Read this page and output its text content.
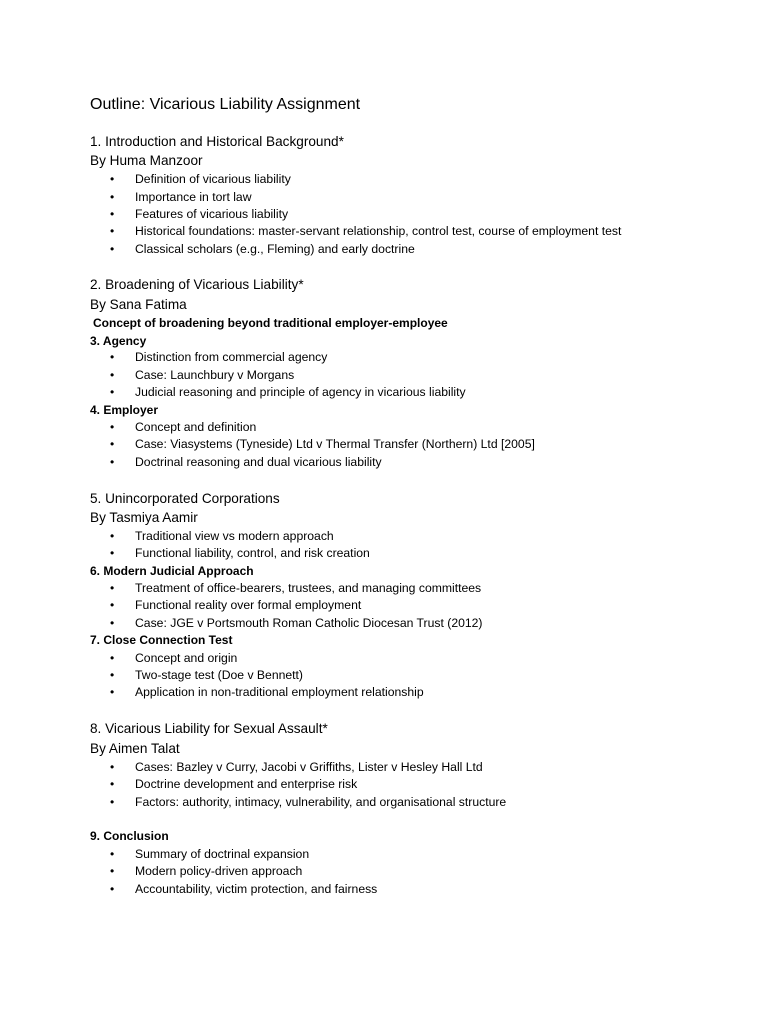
Outline: Vicarious Liability Assignment
1. Introduction and Historical Background*
By Huma Manzoor
• Definition of vicarious liability
• Importance in tort law
• Features of vicarious liability
• Historical foundations: master-servant relationship, control test, course of employment test
• Classical scholars (e.g., Fleming) and early doctrine
2. Broadening of Vicarious Liability*
By Sana Fatima
Concept of broadening beyond traditional employer-employee
3. Agency
• Distinction from commercial agency
• Case: Launchbury v Morgans
• Judicial reasoning and principle of agency in vicarious liability
4. Employer
• Concept and definition
• Case: Viasystems (Tyneside) Ltd v Thermal Transfer (Northern) Ltd [2005]
• Doctrinal reasoning and dual vicarious liability
5. Unincorporated Corporations
By Tasmiya Aamir
• Traditional view vs modern approach
• Functional liability, control, and risk creation
6. Modern Judicial Approach
• Treatment of office-bearers, trustees, and managing committees
• Functional reality over formal employment
• Case: JGE v Portsmouth Roman Catholic Diocesan Trust (2012)
7. Close Connection Test
• Concept and origin
• Two-stage test (Doe v Bennett)
• Application in non-traditional employment relationship
8. Vicarious Liability for Sexual Assault*
By Aimen Talat
• Cases: Bazley v Curry, Jacobi v Griffiths, Lister v Hesley Hall Ltd
• Doctrine development and enterprise risk
• Factors: authority, intimacy, vulnerability, and organisational structure
9. Conclusion
• Summary of doctrinal expansion
• Modern policy-driven approach
• Accountability, victim protection, and fairness
